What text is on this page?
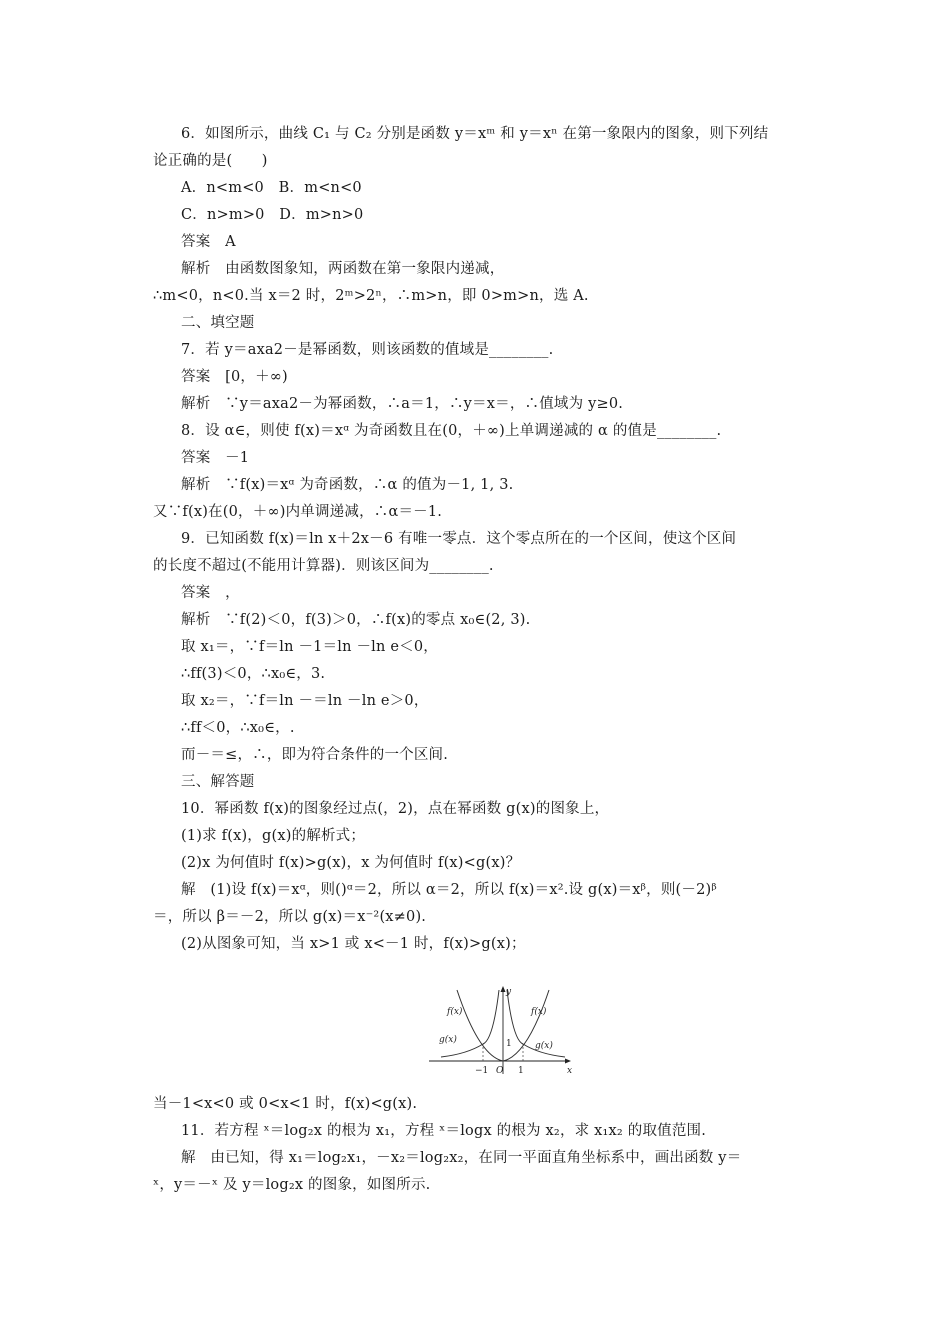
6．如图所示，曲线 C₁ 与 C₂ 分别是函数 y＝xᵐ 和 y＝xⁿ 在第一象限内的图象，则下列结
论正确的是(　　)
A．n<m<0　B．m<n<0
C．n>m>0　D．m>n>0
答案　A
解析　由函数图象知，两函数在第一象限内递减，
∴m<0，n<0.当 x＝2 时，2ᵐ>2ⁿ，∴m>n，即 0>m>n，选 A.
二、填空题
7．若 y＝axa2－是幂函数，则该函数的值域是________.
答案　[0，＋∞)
解析　∵y＝axa2－为幂函数，∴a＝1，∴y＝x＝，∴值域为 y≥0.
8．设 α∈，则使 f(x)＝xᵅ 为奇函数且在(0，＋∞)上单调递减的 α 的值是________.
答案　－1
解析　∵f(x)＝xᵅ 为奇函数，∴α 的值为－1, 1, 3.
又∵f(x)在(0，＋∞)内单调递减，∴α＝－1.
9．已知函数 f(x)＝ln x＋2x－6 有唯一零点．这个零点所在的一个区间，使这个区间
的长度不超过(不能用计算器)．则该区间为________.
答案　，
解析　∵f(2)＜0，f(3)＞0，∴f(x)的零点 x₀∈(2, 3).
取 x₁＝，∵f＝ln －1＝ln －ln e＜0，
∴ff(3)＜0，∴x₀∈，3.
取 x₂＝，∵f＝ln －＝ln －ln e＞0，
∴ff＜0，∴x₀∈，.
而－＝≤，∴，即为符合条件的一个区间.
三、解答题
10．幂函数 f(x)的图象经过点(，2)，点在幂函数 g(x)的图象上，
(1)求 f(x)，g(x)的解析式；
(2)x 为何值时 f(x)>g(x)，x 为何值时 f(x)<g(x)？
解　(1)设 f(x)＝xᵅ，则()ᵅ＝2，所以 α＝2，所以 f(x)＝x².设 g(x)＝xᵝ，则(－2)ᵝ
＝，所以 β＝－2，所以 g(x)＝x⁻²(x≠0).
(2)从图象可知，当 x>1 或 x<－1 时，f(x)>g(x)；
f(x)	f(x)
g(x)
g(x)
y
x
O
−1	1
1
当－1<x<0 或 0<x<1 时，f(x)<g(x).
11．若方程 ˣ＝log₂x 的根为 x₁，方程 ˣ＝logx 的根为 x₂，求 x₁x₂ 的取值范围.
解　由已知，得 x₁＝log₂x₁，－x₂＝log₂x₂，在同一平面直角坐标系中，画出函数 y＝
ˣ，y＝－ˣ 及 y＝log₂x 的图象，如图所示.
